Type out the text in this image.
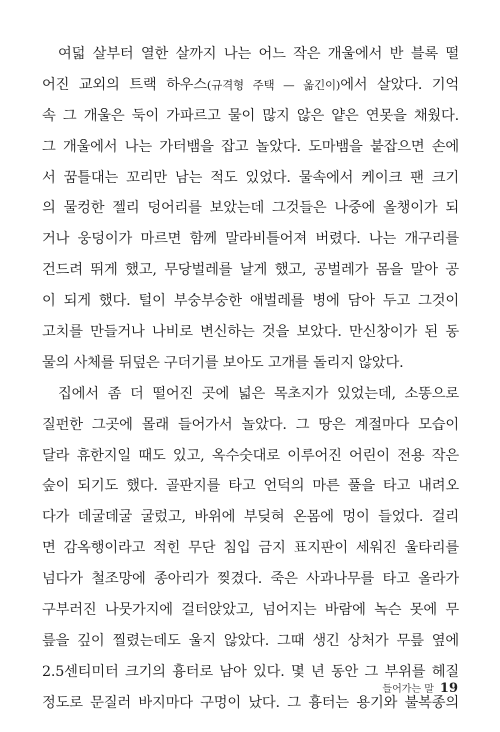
여덟 살부터 열한 살까지 나는 어느 작은 개울에서 반 블록 떨
어진 교외의 트랙 하우스(규격형 주택 — 옮긴이)에서 살았다. 기억
속 그 개울은 둑이 가파르고 물이 많지 않은 얕은 연못을 채웠다.
그 개울에서 나는 가터뱀을 잡고 놀았다. 도마뱀을 붙잡으면 손에
서 꿈틀대는 꼬리만 남는 적도 있었다. 물속에서 케이크 팬 크기
의 물컹한 젤리 덩어리를 보았는데 그것들은 나중에 올챙이가 되
거나 웅덩이가 마르면 함께 말라비틀어져 버렸다. 나는 개구리를
건드려 뛰게 했고, 무당벌레를 날게 했고, 공벌레가 몸을 말아 공
이 되게 했다. 털이 부숭부숭한 애벌레를 병에 담아 두고 그것이
고치를 만들거나 나비로 변신하는 것을 보았다. 만신창이가 된 동
물의 사체를 뒤덮은 구더기를 보아도 고개를 돌리지 않았다.
집에서 좀 더 떨어진 곳에 넓은 목초지가 있었는데, 소똥으로
질펀한 그곳에 몰래 들어가서 놀았다. 그 땅은 계절마다 모습이
달라 휴한지일 때도 있고, 옥수숫대로 이루어진 어린이 전용 작은
숲이 되기도 했다. 골판지를 타고 언덕의 마른 풀을 타고 내려오
다가 데굴데굴 굴렀고, 바위에 부딪혀 온몸에 멍이 들었다. 걸리
면 감옥행이라고 적힌 무단 침입 금지 표지판이 세워진 울타리를
넘다가 철조망에 종아리가 찢겼다. 죽은 사과나무를 타고 올라가
구부러진 나뭇가지에 걸터앉았고, 넘어지는 바람에 녹슨 못에 무
릎을 깊이 찔렸는데도 울지 않았다. 그때 생긴 상처가 무릎 옆에
2.5센티미터 크기의 흉터로 남아 있다. 몇 년 동안 그 부위를 헤질
정도로 문질러 바지마다 구멍이 났다. 그 흉터는 용기와 불복종의
들어가는 말 19
